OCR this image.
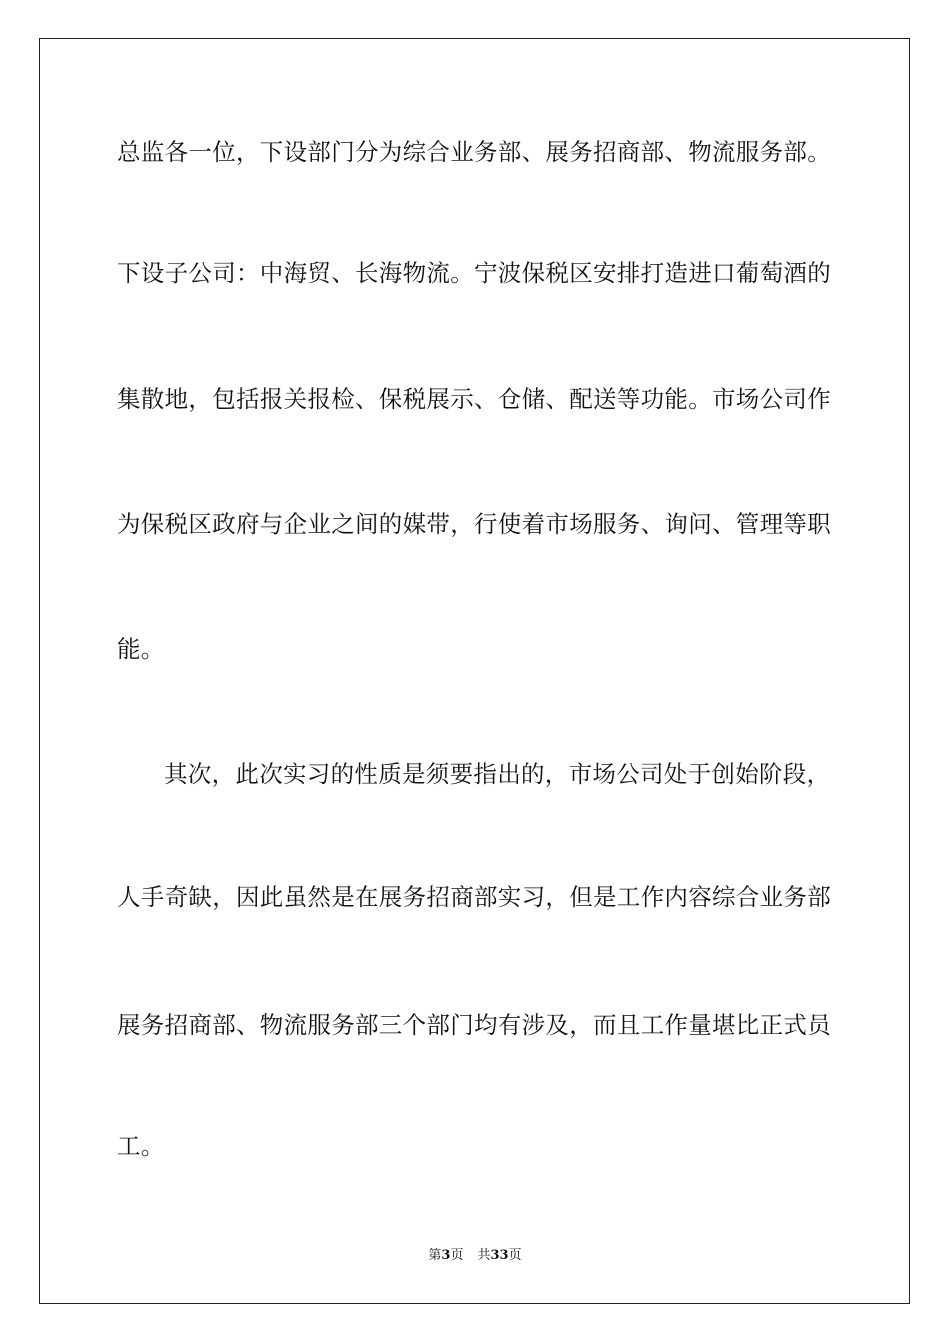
总监各一位，下设部门分为综合业务部、展务招商部、物流服务部。
下设子公司：中海贸、长海物流。宁波保税区安排打造进口葡萄酒的
集散地，包括报关报检、保税展示、仓储、配送等功能。市场公司作
为保税区政府与企业之间的媒带，行使着市场服务、询问、管理等职
能。
其次，此次实习的性质是须要指出的，市场公司处于创始阶段，
人手奇缺，因此虽然是在展务招商部实习，但是工作内容综合业务部
展务招商部、物流服务部三个部门均有涉及，而且工作量堪比正式员
工。
第3页 共33页
